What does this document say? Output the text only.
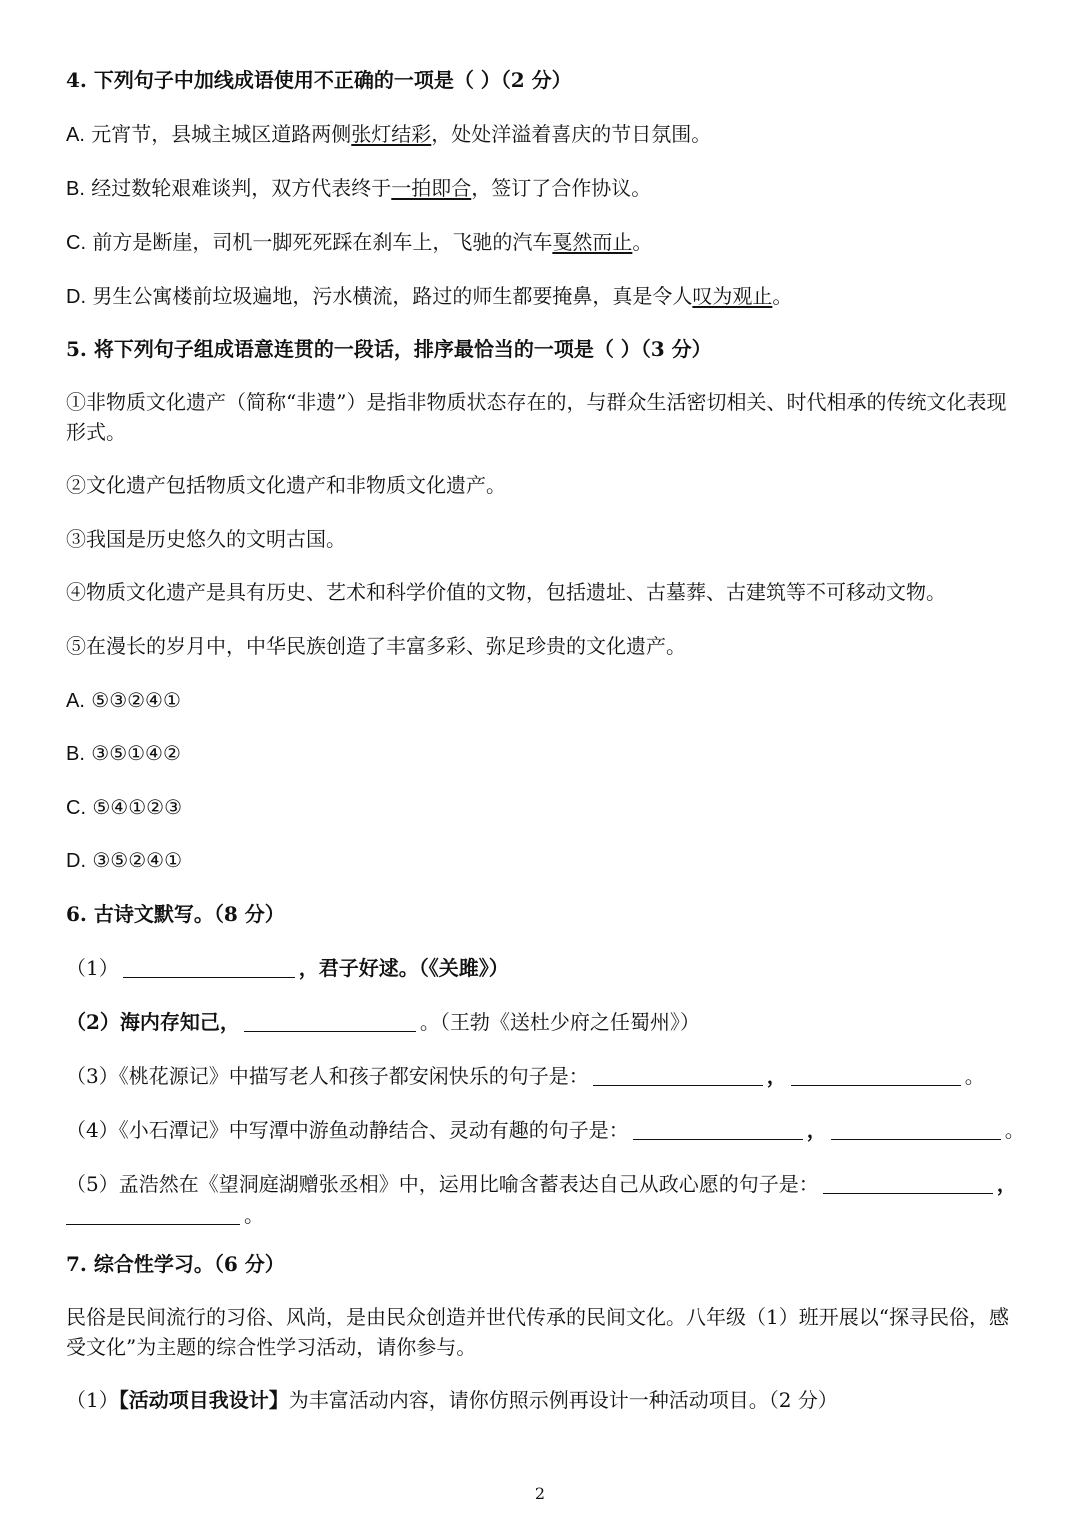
4. 下列句子中加线成语使用不正确的一项是（ ）（2 分）
A. 元宵节，县城主城区道路两侧张灯结彩，处处洋溢着喜庆的节日氛围。
B. 经过数轮艰难谈判，双方代表终于一拍即合，签订了合作协议。
C. 前方是断崖，司机一脚死死踩在刹车上，飞驰的汽车戛然而止。
D. 男生公寓楼前垃圾遍地，污水横流，路过的师生都要掩鼻，真是令人叹为观止。
5. 将下列句子组成语意连贯的一段话，排序最恰当的一项是（ ）（3 分）
①非物质文化遗产（简称“非遗”）是指非物质状态存在的，与群众生活密切相关、时代相承的传统文化表现形式。
②文化遗产包括物质文化遗产和非物质文化遗产。
③我国是历史悠久的文明古国。
④物质文化遗产是具有历史、艺术和科学价值的文物，包括遗址、古墓葬、古建筑等不可移动文物。
⑤在漫长的岁月中，中华民族创造了丰富多彩、弥足珍贵的文化遗产。
A. ⑤③②④①
B. ③⑤①④②
C. ⑤④①②③
D. ③⑤②④①
6. 古诗文默写。（8 分）
（1）	，君子好逑。（《关雎》）
（2）海内存知己，	。（王勃《送杜少府之任蜀州》）
（3）《桃花源记》中描写老人和孩子都安闲快乐的句子是：	，	。
（4）《小石潭记》中写潭中游鱼动静结合、灵动有趣的句子是：	，	。
（5）孟浩然在《望洞庭湖赠张丞相》中，运用比喻含蓄表达自己从政心愿的句子是：	，
。
7. 综合性学习。（6 分）
民俗是民间流行的习俗、风尚，是由民众创造并世代传承的民间文化。八年级（1）班开展以“探寻民俗，感受文化”为主题的综合性学习活动，请你参与。
（1）【活动项目我设计】为丰富活动内容，请你仿照示例再设计一种活动项目。（2 分）
2
